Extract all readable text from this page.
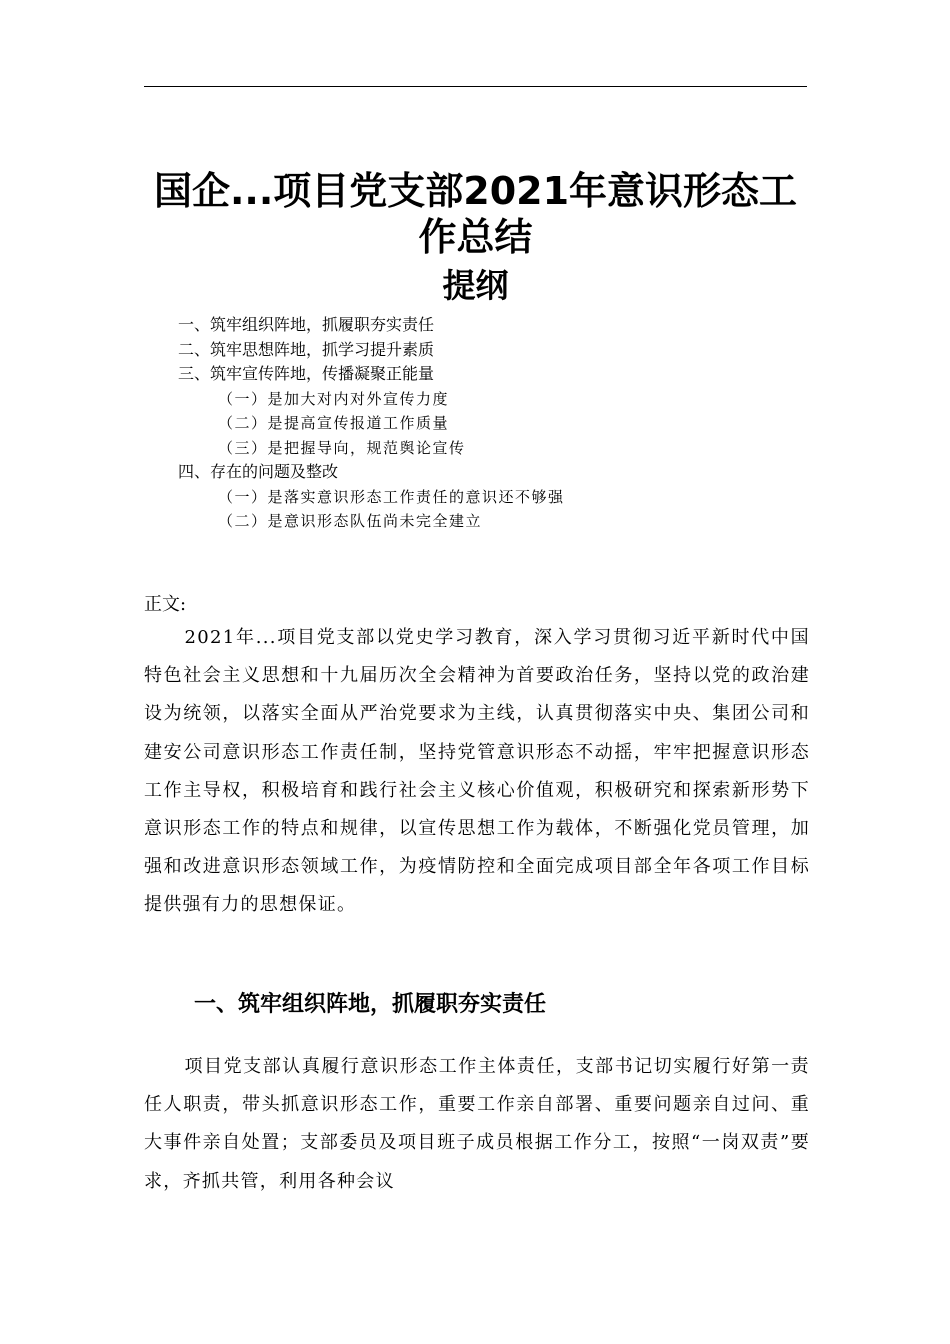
国企...项目党支部2021年意识形态工作总结
提纲
一、筑牢组织阵地，抓履职夯实责任
二、筑牢思想阵地，抓学习提升素质
三、筑牢宣传阵地，传播凝聚正能量
（一）是加大对内对外宣传力度
（二）是提高宣传报道工作质量
（三）是把握导向，规范舆论宣传
四、存在的问题及整改
（一）是落实意识形态工作责任的意识还不够强
（二）是意识形态队伍尚未完全建立
正文:
2021年...项目党支部以党史学习教育，深入学习贯彻习近平新时代中国特色社会主义思想和十九届历次全会精神为首要政治任务，坚持以党的政治建设为统领，以落实全面从严治党要求为主线，认真贯彻落实中央、集团公司和建安公司意识形态工作责任制，坚持党管意识形态不动摇，牢牢把握意识形态工作主导权，积极培育和践行社会主义核心价值观，积极研究和探索新形势下意识形态工作的特点和规律，以宣传思想工作为载体，不断强化党员管理，加强和改进意识形态领域工作，为疫情防控和全面完成项目部全年各项工作目标提供强有力的思想保证。
一、筑牢组织阵地，抓履职夯实责任
项目党支部认真履行意识形态工作主体责任，支部书记切实履行好第一责任人职责，带头抓意识形态工作，重要工作亲自部署、重要问题亲自过问、重大事件亲自处置；支部委员及项目班子成员根据工作分工，按照“一岗双责”要求，齐抓共管，利用各种会议
